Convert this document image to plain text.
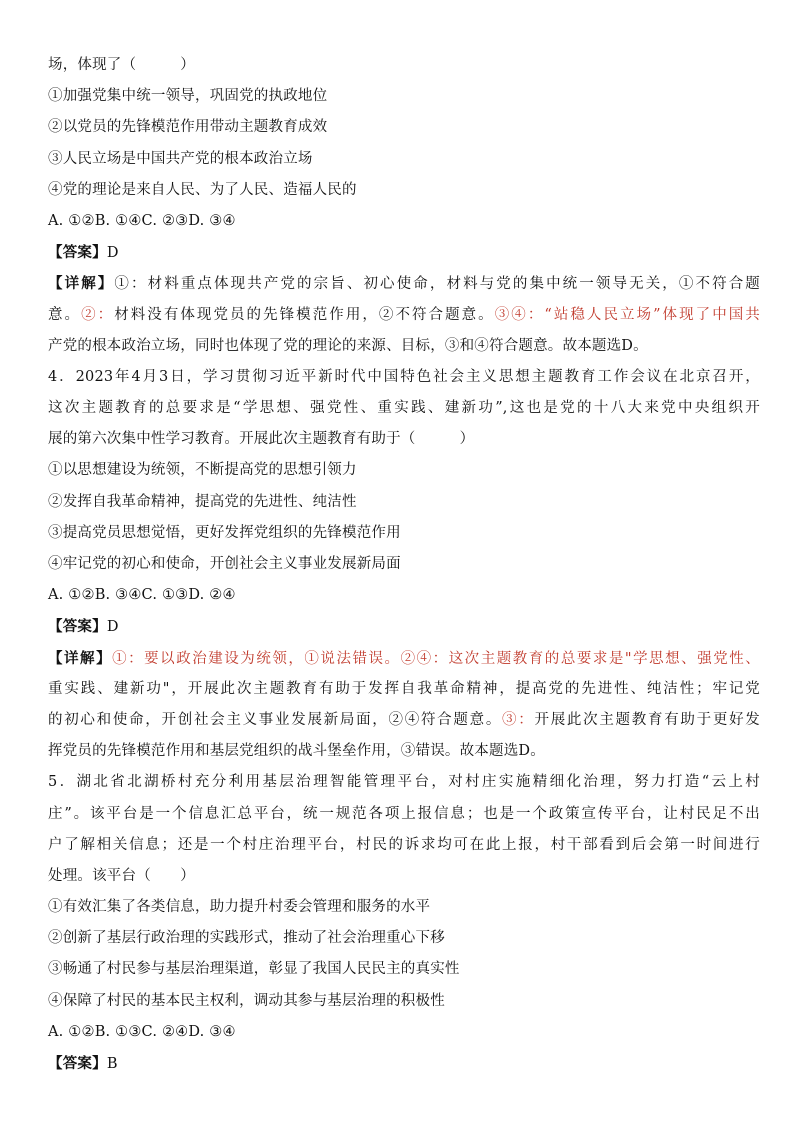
场，体现了（　　　）
①加强党集中统一领导，巩固党的执政地位
②以党员的先锋模范作用带动主题教育成效
③人民立场是中国共产党的根本政治立场
④党的理论是来自人民、为了人民、造福人民的
A. ①②B. ①④C. ②③D. ③④
【答案】D
【详解】①：材料重点体现共产党的宗旨、初心使命，材料与党的集中统一领导无关，①不符合题
意。②：材料没有体现党员的先锋模范作用，②不符合题意。③④：“站稳人民立场”体现了中国共
产党的根本政治立场，同时也体现了党的理论的来源、目标，③和④符合题意。故本题选D。
4．2023年4月3日，学习贯彻习近平新时代中国特色社会主义思想主题教育工作会议在北京召开，
这次主题教育的总要求是“学思想、强党性、重实践、建新功”,这也是党的十八大来党中央组织开
展的第六次集中性学习教育。开展此次主题教育有助于（　　　）
①以思想建设为统领，不断提高党的思想引领力
②发挥自我革命精神，提高党的先进性、纯洁性
③提高党员思想觉悟，更好发挥党组织的先锋模范作用
④牢记党的初心和使命，开创社会主义事业发展新局面
A. ①②B. ③④C. ①③D. ②④
【答案】D
【详解】①：要以政治建设为统领，①说法错误。②④：这次主题教育的总要求是"学思想、强党性、
重实践、建新功"，开展此次主题教育有助于发挥自我革命精神，提高党的先进性、纯洁性；牢记党
的初心和使命，开创社会主义事业发展新局面，②④符合题意。③：开展此次主题教育有助于更好发
挥党员的先锋模范作用和基层党组织的战斗堡垒作用，③错误。故本题选D。
5．湖北省北湖桥村充分利用基层治理智能管理平台，对村庄实施精细化治理，努力打造“云上村
庄”。该平台是一个信息汇总平台，统一规范各项上报信息；也是一个政策宣传平台，让村民足不出
户了解相关信息；还是一个村庄治理平台，村民的诉求均可在此上报，村干部看到后会第一时间进行
处理。该平台（　　）
①有效汇集了各类信息，助力提升村委会管理和服务的水平
②创新了基层行政治理的实践形式，推动了社会治理重心下移
③畅通了村民参与基层治理渠道，彰显了我国人民民主的真实性
④保障了村民的基本民主权利，调动其参与基层治理的积极性
A. ①②B. ①③C. ②④D. ③④
【答案】B
